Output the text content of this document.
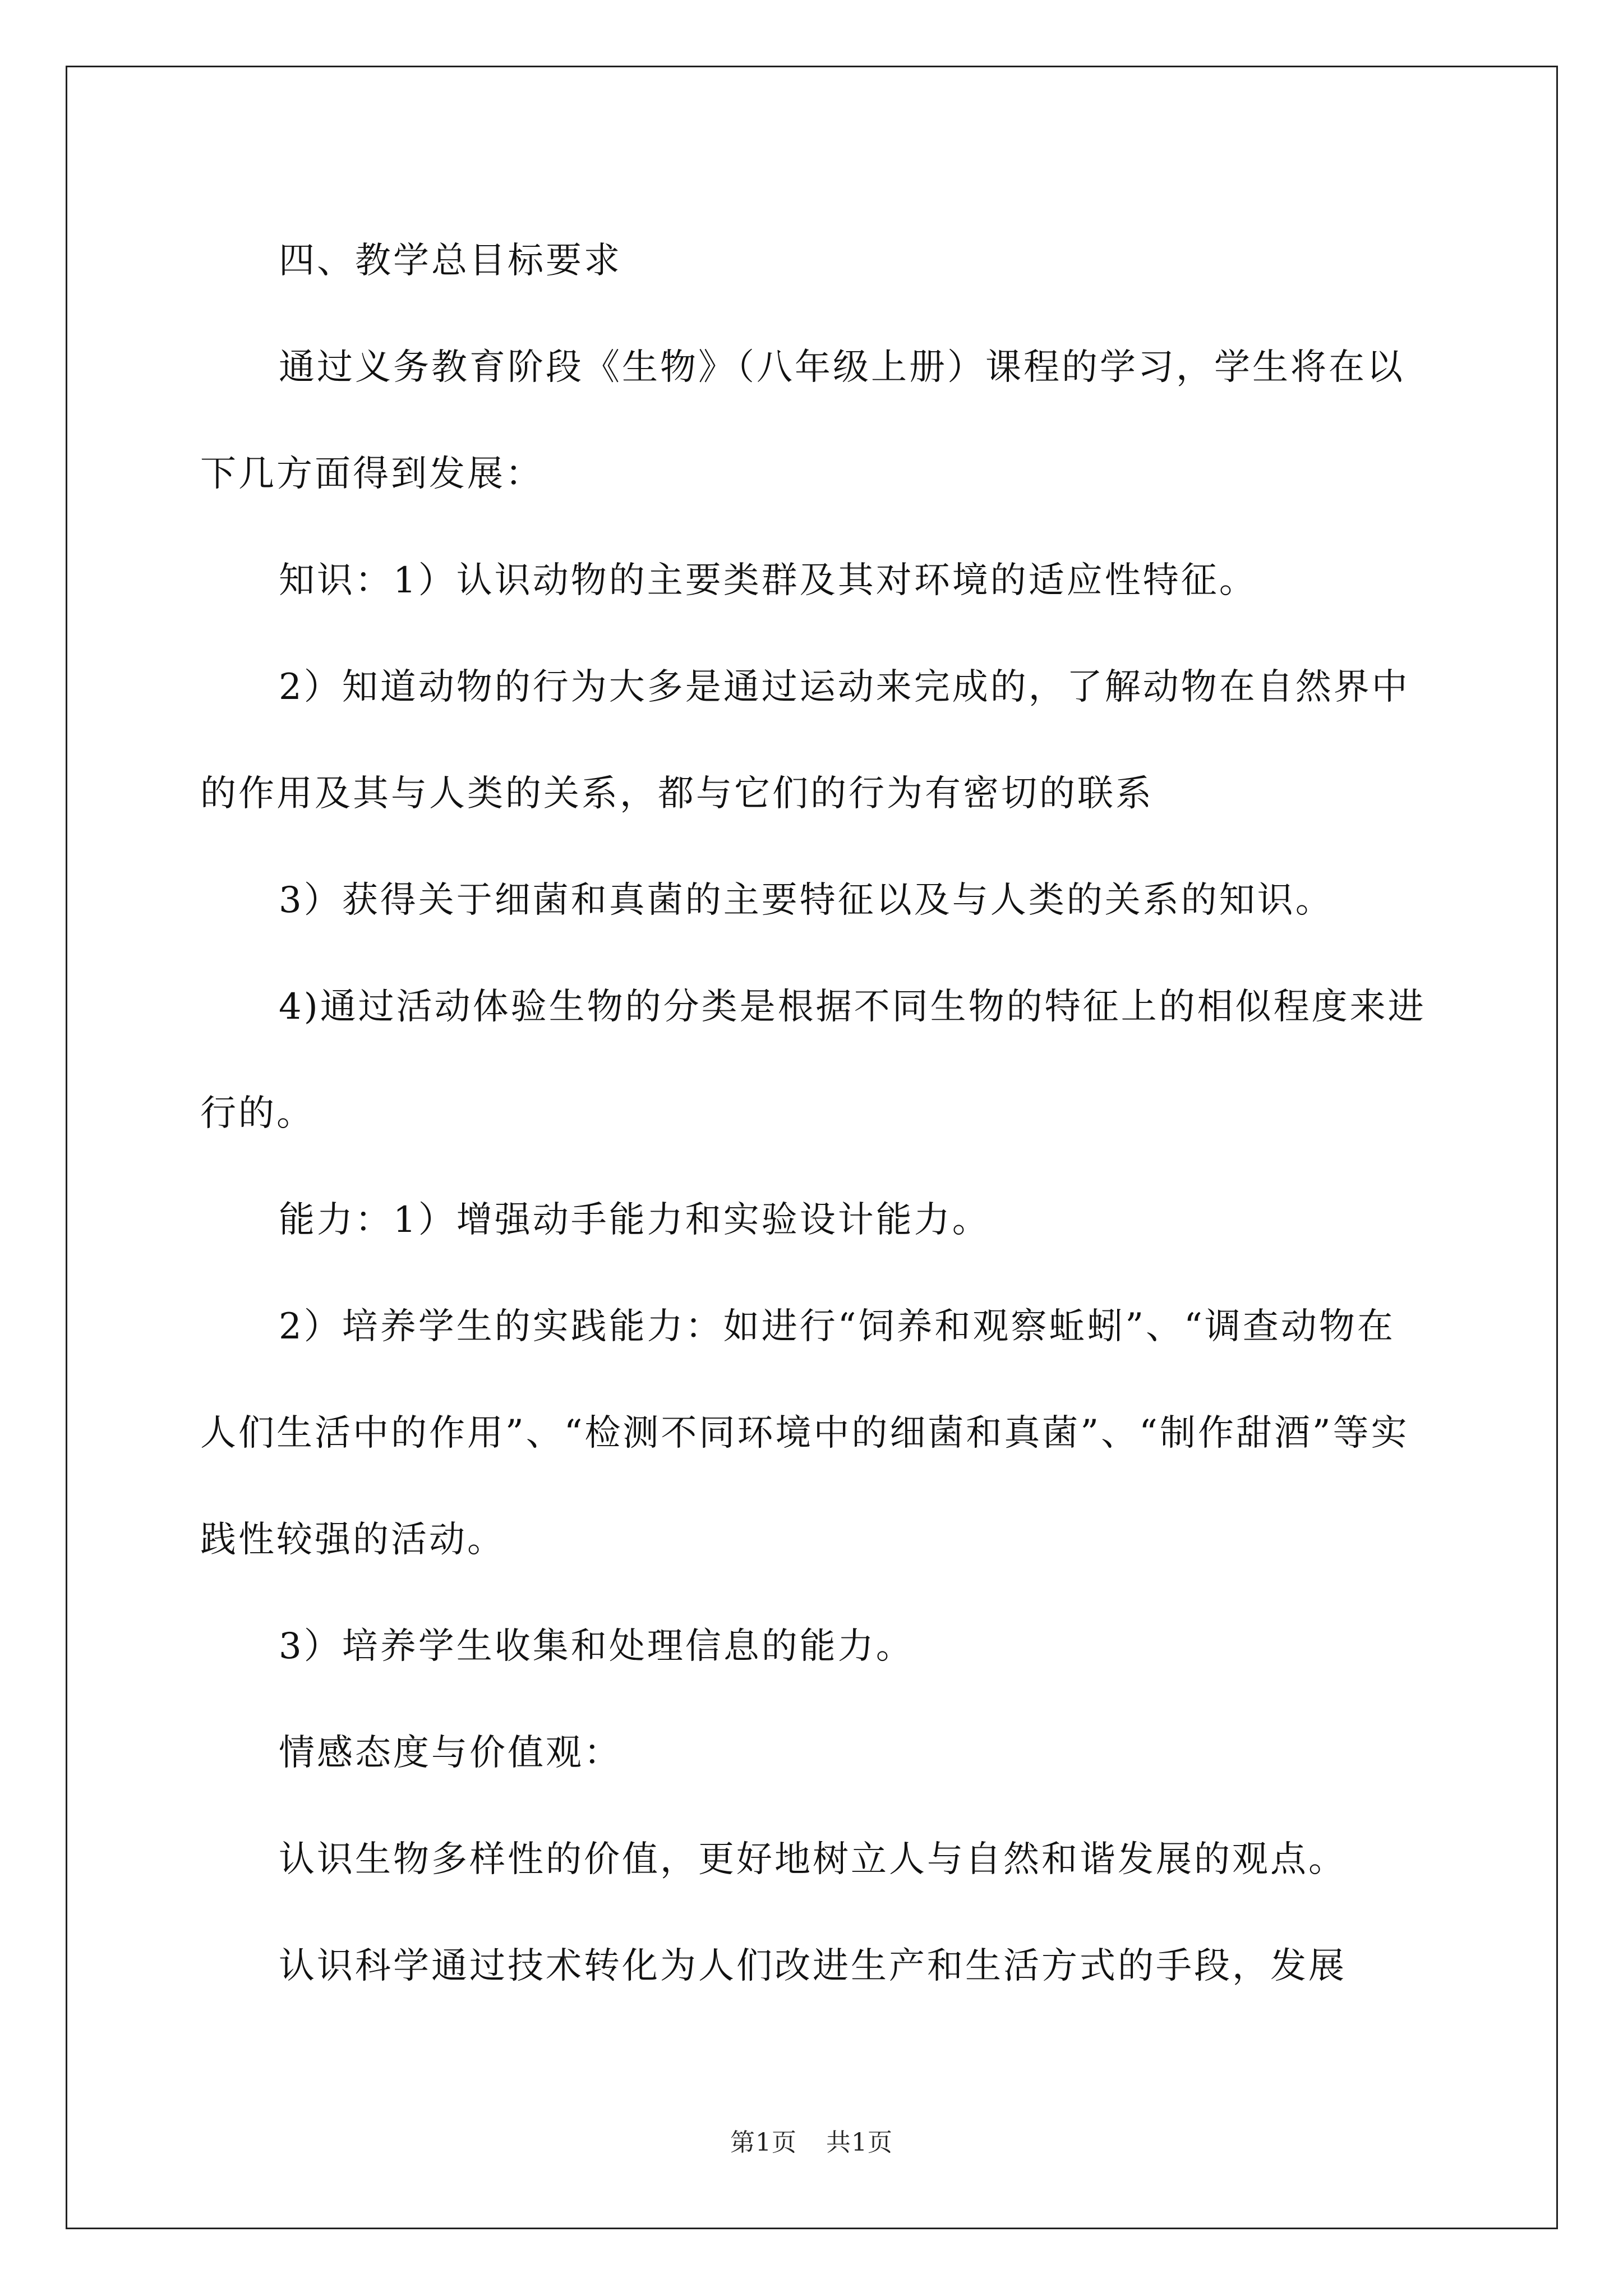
四、教学总目标要求

通过义务教育阶段《生物》（八年级上册）课程的学习，学生将在以下几方面得到发展：

知识：1）认识动物的主要类群及其对环境的适应性特征。

2）知道动物的行为大多是通过运动来完成的，了解动物在自然界中的作用及其与人类的关系，都与它们的行为有密切的联系

3）获得关于细菌和真菌的主要特征以及与人类的关系的知识。

4)通过活动体验生物的分类是根据不同生物的特征上的相似程度来进行的。

能力：1）增强动手能力和实验设计能力。

2）培养学生的实践能力：如进行“饲养和观察蚯蚓”、“调查动物在人们生活中的作用”、“检测不同环境中的细菌和真菌”、“制作甜酒”等实践性较强的活动。

3）培养学生收集和处理信息的能力。

情感态度与价值观：

认识生物多样性的价值，更好地树立人与自然和谐发展的观点。

认识科学通过技术转化为人们改进生产和生活方式的手段，发展

第1页 共1页
